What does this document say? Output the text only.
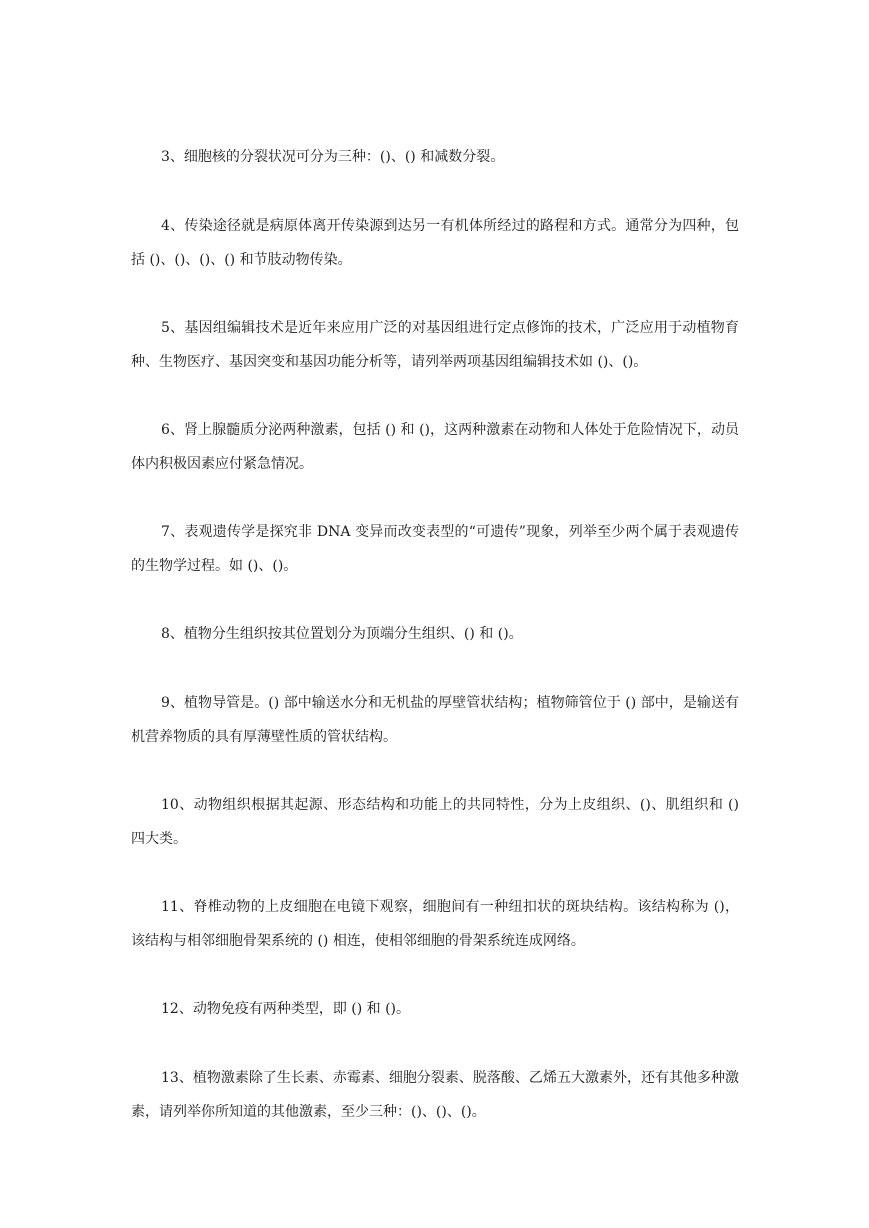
3、细胞核的分裂状况可分为三种：()、() 和减数分裂。

4、传染途径就是病原体离开传染源到达另一有机体所经过的路程和方式。通常分为四种，包括 ()、()、()、() 和节肢动物传染。

5、基因组编辑技术是近年来应用广泛的对基因组进行定点修饰的技术，广泛应用于动植物育种、生物医疗、基因突变和基因功能分析等，请列举两项基因组编辑技术如 ()、()。

6、肾上腺髓质分泌两种激素，包括 () 和 ()，这两种激素在动物和人体处于危险情况下，动员体内积极因素应付紧急情况。

7、表观遗传学是探究非 DNA 变异而改变表型的“可遗传”现象，列举至少两个属于表观遗传的生物学过程。如 ()、()。

8、植物分生组织按其位置划分为顶端分生组织、() 和 ()。

9、植物导管是。() 部中输送水分和无机盐的厚壁管状结构；植物筛管位于 () 部中，是输送有机营养物质的具有厚薄壁性质的管状结构。

10、动物组织根据其起源、形态结构和功能上的共同特性，分为上皮组织、()、肌组织和 () 四大类。

11、脊椎动物的上皮细胞在电镜下观察，细胞间有一种纽扣状的斑块结构。该结构称为 ()，该结构与相邻细胞骨架系统的 () 相连，使相邻细胞的骨架系统连成网络。

12、动物免疫有两种类型，即 () 和 ()。

13、植物激素除了生长素、赤霉素、细胞分裂素、脱落酸、乙烯五大激素外，还有其他多种激素，请列举你所知道的其他激素，至少三种：()、()、()。
